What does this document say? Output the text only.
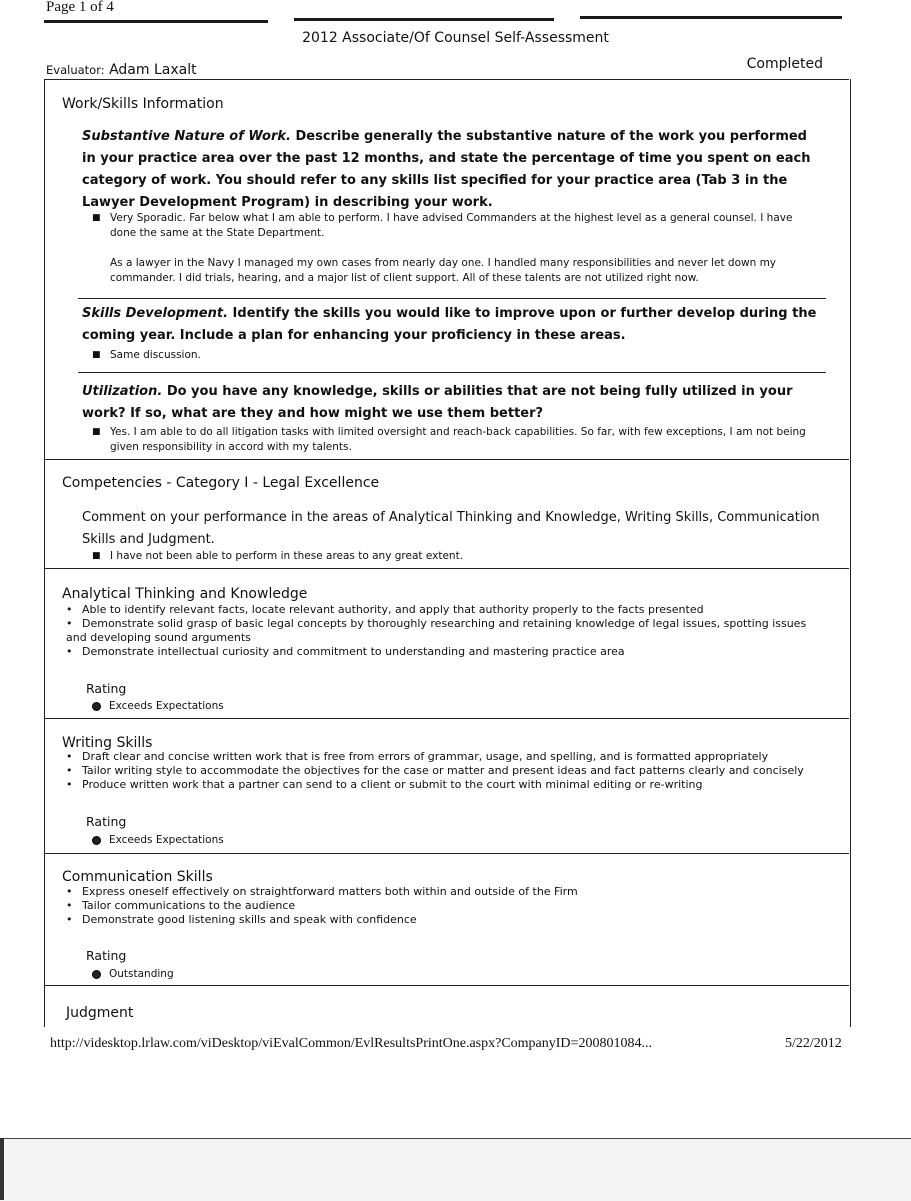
Page 1 of 4
2012 Associate/Of Counsel Self-Assessment
Evaluator: Adam Laxalt	Completed
Work/Skills Information
Substantive Nature of Work. Describe generally the substantive nature of the work you performed in your practice area over the past 12 months, and state the percentage of time you spent on each category of work. You should refer to any skills list specified for your practice area (Tab 3 in the Lawyer Development Program) in describing your work.
■ Very Sporadic. Far below what I am able to perform. I have advised Commanders at the highest level as a general counsel. I have done the same at the State Department.
As a lawyer in the Navy I managed my own cases from nearly day one. I handled many responsibilities and never let down my commander. I did trials, hearing, and a major list of client support. All of these talents are not utilized right now.
Skills Development. Identify the skills you would like to improve upon or further develop during the coming year. Include a plan for enhancing your proficiency in these areas.
■ Same discussion.
Utilization. Do you have any knowledge, skills or abilities that are not being fully utilized in your work? If so, what are they and how might we use them better?
■ Yes. I am able to do all litigation tasks with limited oversight and reach-back capabilities. So far, with few exceptions, I am not being given responsibility in accord with my talents.
Competencies - Category I - Legal Excellence
Comment on your performance in the areas of Analytical Thinking and Knowledge, Writing Skills, Communication Skills and Judgment.
■ I have not been able to perform in these areas to any great extent.
Analytical Thinking and Knowledge
• Able to identify relevant facts, locate relevant authority, and apply that authority properly to the facts presented
• Demonstrate solid grasp of basic legal concepts by thoroughly researching and retaining knowledge of legal issues, spotting issues
and developing sound arguments
• Demonstrate intellectual curiosity and commitment to understanding and mastering practice area
Rating
Exceeds Expectations
Writing Skills
• Draft clear and concise written work that is free from errors of grammar, usage, and spelling, and is formatted appropriately
• Tailor writing style to accommodate the objectives for the case or matter and present ideas and fact patterns clearly and concisely
• Produce written work that a partner can send to a client or submit to the court with minimal editing or re-writing
Rating
Exceeds Expectations
Communication Skills
• Express oneself effectively on straightforward matters both within and outside of the Firm
• Tailor communications to the audience
• Demonstrate good listening skills and speak with confidence
Rating
Outstanding
Judgment
http://videsktop.lrlaw.com/viDesktop/viEvalCommon/EvlResultsPrintOne.aspx?CompanyID=200801084...	5/22/2012
